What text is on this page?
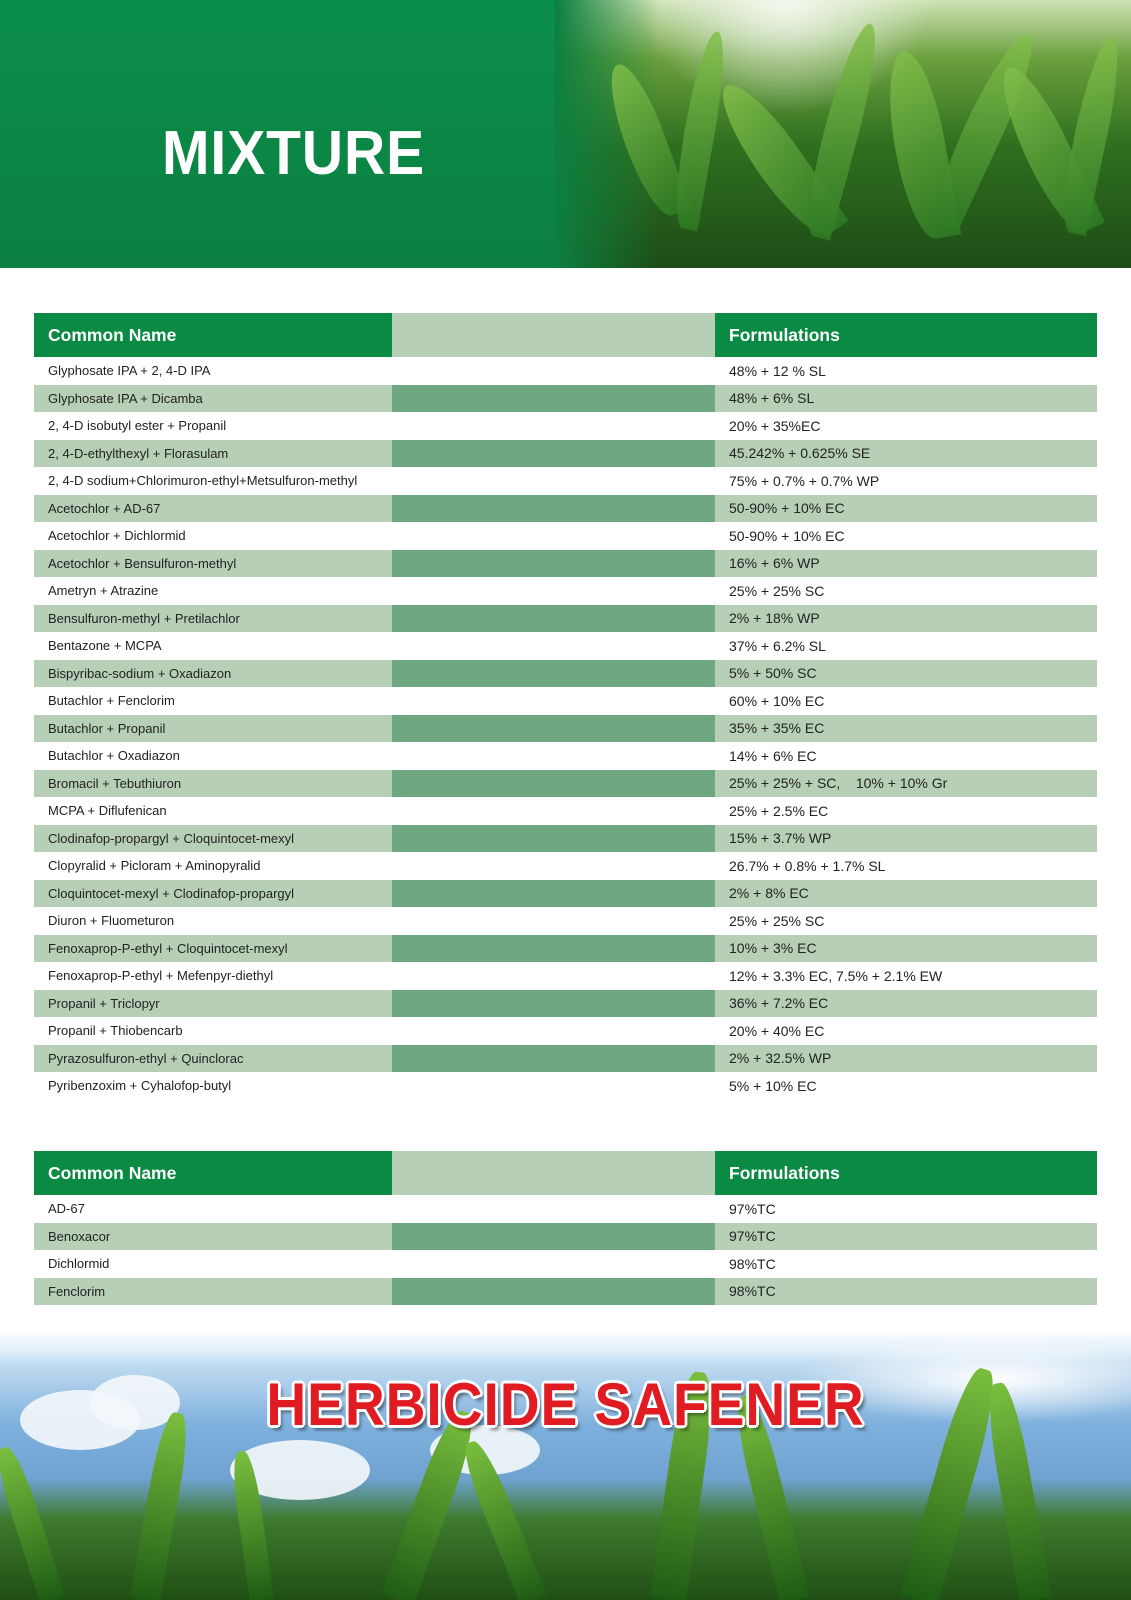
MIXTURE
Common Name	Formulations
Glyphosate IPA + 2, 4-D IPA	48% + 12 % SL
Glyphosate IPA + Dicamba	48% + 6% SL
2, 4-D isobutyl ester + Propanil	20% + 35%EC
2, 4-D-ethylthexyl + Florasulam	45.242% + 0.625% SE
2, 4-D sodium+Chlorimuron-ethyl+Metsulfuron-methyl	75% + 0.7% + 0.7% WP
Acetochlor + AD-67	50-90% + 10% EC
Acetochlor + Dichlormid	50-90% + 10% EC
Acetochlor + Bensulfuron-methyl	16% + 6% WP
Ametryn + Atrazine	25% + 25% SC
Bensulfuron-methyl + Pretilachlor	2% + 18% WP
Bentazone + MCPA	37% + 6.2% SL
Bispyribac-sodium + Oxadiazon	5% + 50% SC
Butachlor + Fenclorim	60% + 10% EC
Butachlor + Propanil	35% + 35% EC
Butachlor + Oxadiazon	14% + 6% EC
Bromacil + Tebuthiuron	25% + 25% + SC,    10% + 10% Gr
MCPA + Diflufenican	25% + 2.5% EC
Clodinafop-propargyl + Cloquintocet-mexyl	15% + 3.7% WP
Clopyralid + Picloram + Aminopyralid	26.7% + 0.8% + 1.7% SL
Cloquintocet-mexyl + Clodinafop-propargyl	2% + 8% EC
Diuron + Fluometuron	25% + 25% SC
Fenoxaprop-P-ethyl + Cloquintocet-mexyl	10% + 3% EC
Fenoxaprop-P-ethyl + Mefenpyr-diethyl	12% + 3.3% EC, 7.5% + 2.1% EW
Propanil + Triclopyr	36% + 7.2% EC
Propanil + Thiobencarb	20% + 40% EC
Pyrazosulfuron-ethyl + Quinclorac	2% + 32.5% WP
Pyribenzoxim + Cyhalofop-butyl	5% + 10% EC
Common Name	Formulations
AD-67	97%TC
Benoxacor	97%TC
Dichlormid	98%TC
Fenclorim	98%TC
HERBICIDE SAFENER
